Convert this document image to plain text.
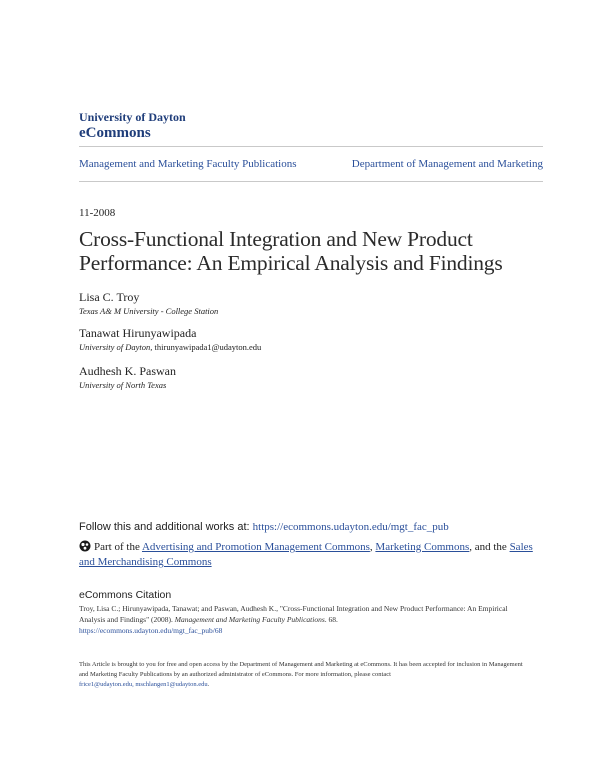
University of Dayton
eCommons
Management and Marketing Faculty Publications	Department of Management and Marketing
11-2008
Cross-Functional Integration and New Product Performance: An Empirical Analysis and Findings
Lisa C. Troy
Texas A& M University - College Station
Tanawat Hirunyawipada
University of Dayton, thirunyawipada1@udayton.edu
Audhesh K. Paswan
University of North Texas
Follow this and additional works at: https://ecommons.udayton.edu/mgt_fac_pub
Part of the Advertising and Promotion Management Commons, Marketing Commons, and the Sales and Merchandising Commons
eCommons Citation
Troy, Lisa C.; Hirunyawipada, Tanawat; and Paswan, Audhesh K., "Cross-Functional Integration and New Product Performance: An Empirical Analysis and Findings" (2008). Management and Marketing Faculty Publications. 68.
https://ecommons.udayton.edu/mgt_fac_pub/68
This Article is brought to you for free and open access by the Department of Management and Marketing at eCommons. It has been accepted for inclusion in Management and Marketing Faculty Publications by an authorized administrator of eCommons. For more information, please contact
frice1@udayton.edu, mschlangen1@udayton.edu.
